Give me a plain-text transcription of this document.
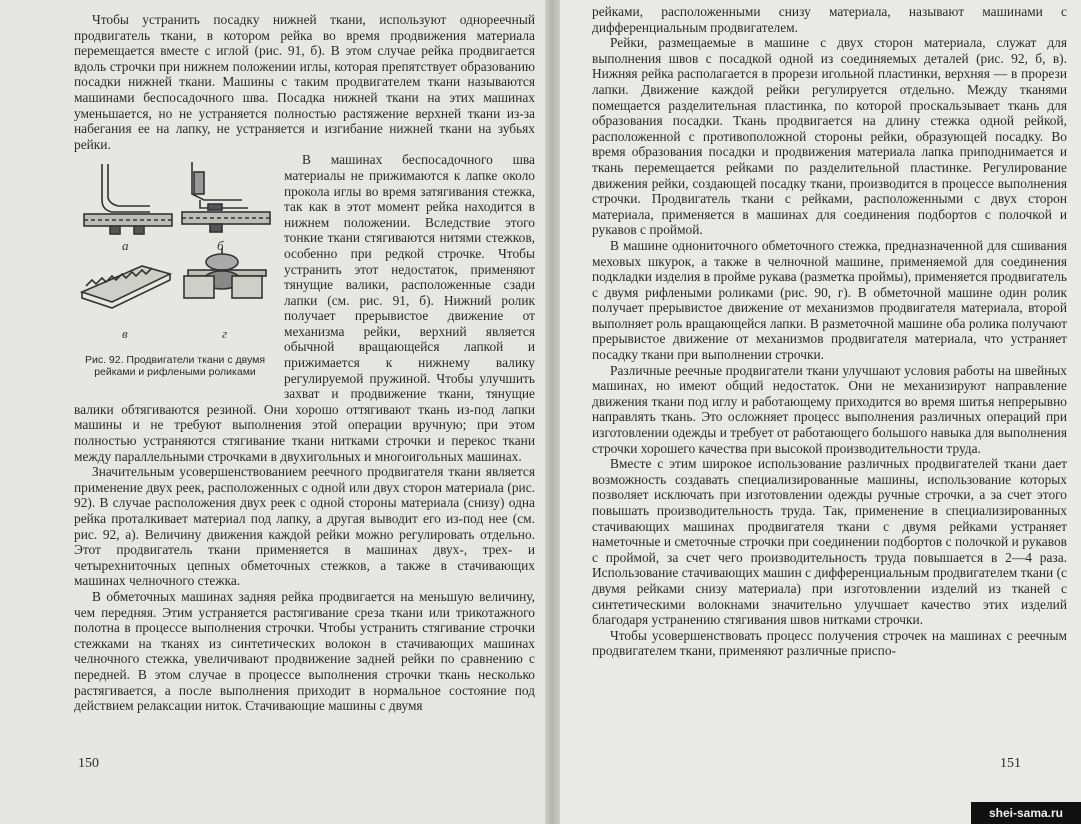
Чтобы устранить посадку нижней ткани, используют однореечный продвигатель ткани, в котором рейка во время продвижения материала перемещается вместе с иглой (рис. 91, б). В этом случае рейка продвигается вдоль строчки при нижнем положении иглы, которая препятствует образованию посадки нижней ткани. Машины с таким продвигателем ткани называются машинами беспосадочного шва. Посадка нижней ткани на этих машинах уменьшается, но не устраняется полностью растяжение верхней ткани из-за набегания ее на лапку, не устраняется и изгибание нижней ткани на зубьях рейки.

а	б
в	г
Рис. 92. Продвигатели ткани с двумя рейками и рифлеными роликами

В машинах беспосадочного шва материалы не прижимаются к лапке около прокола иглы во время затягивания стежка, так как в этот момент рейка находится в нижнем положении. Вследствие этого тонкие ткани стягиваются нитями стежков, особенно при редкой строчке. Чтобы устранить этот недостаток, применяют тянущие валики, расположенные сзади лапки (см. рис. 91, б). Нижний ролик получает прерывистое движение от механизма рейки, верхний является обычной вращающейся лапкой и прижимается к нижнему валику регулируемой пружиной. Чтобы улучшить захват и продвижение ткани, тянущие валики обтягиваются резиной. Они хорошо оттягивают ткань из-под лапки машины и не требуют выполнения этой операции вручную; при этом полностью устраняются стягивание ткани нитками строчки и перекос ткани между параллельными строчками в двухигольных и многоигольных машинах.

Значительным усовершенствованием реечного продвигателя ткани является применение двух реек, расположенных с одной или двух сторон материала (рис. 92). В случае расположения двух реек с одной стороны материала (снизу) одна рейка проталкивает материал под лапку, а другая выводит его из-под нее (см. рис. 92, а). Величину движения каждой рейки можно регулировать отдельно. Этот продвигатель ткани применяется в машинах двух-, трех- и четырехниточных цепных обметочных стежков, а также в стачивающих машинах челночного стежка.

В обметочных машинах задняя рейка продвигается на меньшую величину, чем передняя. Этим устраняется растягивание среза ткани или трикотажного полотна в процессе выполнения строчки. Чтобы устранить стягивание строчки стежками на тканях из синтетических волокон в стачивающих машинах челночного стежка, увеличивают продвижение задней рейки по сравнению с передней. В этом случае в процессе выполнения строчки ткань несколько растягивается, а после выполнения приходит в нормальное состояние под действием релаксации ниток. Стачивающие машины с двумя

150

рейками, расположенными снизу материала, называют машинами с дифференциальным продвигателем.

Рейки, размещаемые в машине с двух сторон материала, служат для выполнения швов с посадкой одной из соединяемых деталей (рис. 92, б, в). Нижняя рейка располагается в прорези игольной пластинки, верхняя — в прорези лапки. Движение каждой рейки регулируется отдельно. Между тканями помещается разделительная пластинка, по которой проскальзывает ткань для образования посадки. Ткань продвигается на длину стежка одной рейкой, расположенной с противоположной стороны рейки, образующей посадку. Во время образования посадки и продвижения материала лапка приподнимается и ткань перемещается рейками по разделительной пластинке. Регулирование движения рейки, создающей посадку ткани, производится в процессе выполнения строчки. Продвигатель ткани с рейками, расположенными с двух сторон материала, применяется в машинах для соединения подбортов с полочкой и рукавов с проймой.

В машине однониточного обметочного стежка, предназначенной для сшивания меховых шкурок, а также в челночной машине, применяемой для соединения подкладки изделия в пройме рукава (разметка проймы), применяется продвигатель с двумя рифлеными роликами (рис. 90, г). В обметочной машине один ролик получает прерывистое движение от механизмов продвигателя материала, второй выполняет роль вращающейся лапки. В разметочной машине оба ролика получают прерывистое движение от механизмов продвигателя материала, что устраняет посадку ткани при выполнении строчки.

Различные реечные продвигатели ткани улучшают условия работы на швейных машинах, но имеют общий недостаток. Они не механизируют направление движения ткани под иглу и работающему приходится во время шитья непрерывно направлять ткань. Это осложняет процесс выполнения различных операций при изготовлении одежды и требует от работающего большого навыка для выполнения строчки хорошего качества при высокой производительности труда.

Вместе с этим широкое использование различных продвигателей ткани дает возможность создавать специализированные машины, использование которых позволяет исключать при изготовлении одежды ручные строчки, а за счет этого повышать производительность труда. Так, применение в специализированных стачивающих машинах продвигателя ткани с двумя рейками устраняет наметочные и сметочные строчки при соединении подбортов с полочкой и рукавов с проймой, за счет чего производительность труда повышается в 2—4 раза. Использование стачивающих машин с дифференциальным продвигателем ткани (с двумя рейками снизу материала) при изготовлении изделий из тканей с синтетическими волокнами значительно улучшает качество этих изделий благодаря устранению стягивания швов нитками строчки.

Чтобы усовершенствовать процесс получения строчек на машинах с реечным продвигателем ткани, применяют различные приспо-

151
shei-sama.ru
